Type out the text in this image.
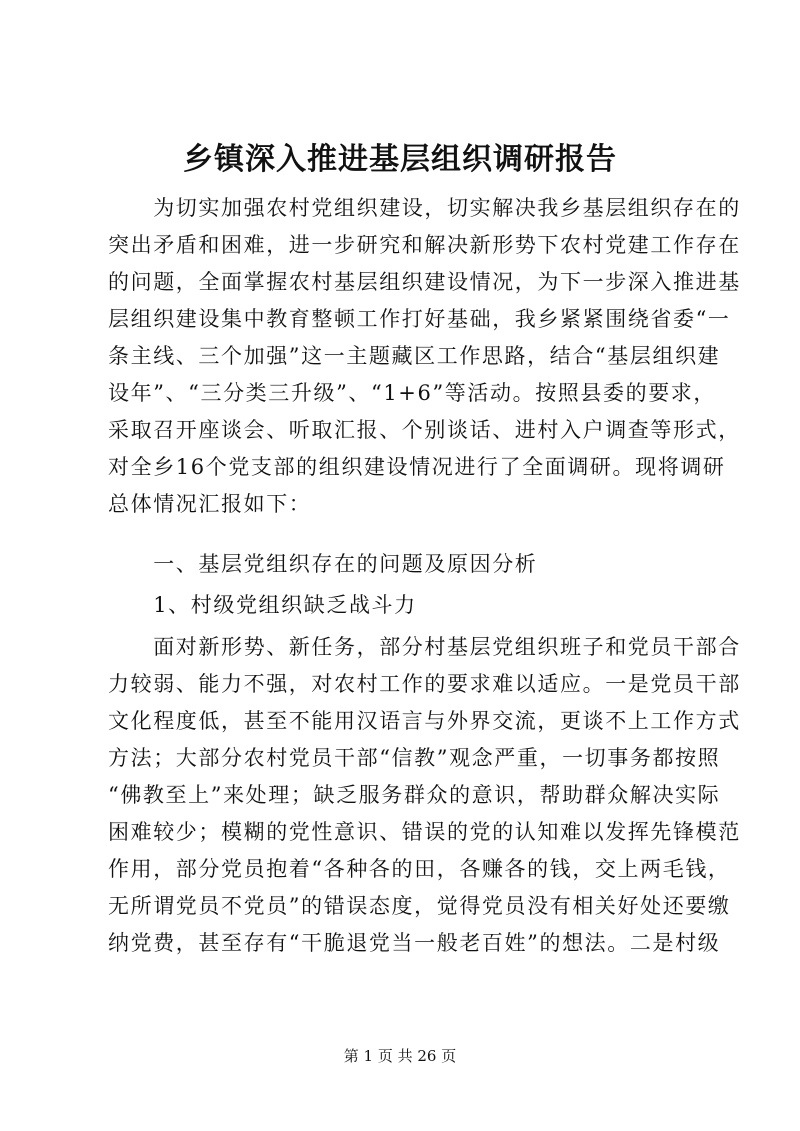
乡镇深入推进基层组织调研报告

　　为切实加强农村党组织建设，切实解决我乡基层组织存在的

突出矛盾和困难，进一步研究和解决新形势下农村党建工作存在

的问题，全面掌握农村基层组织建设情况，为下一步深入推进基

层组织建设集中教育整顿工作打好基础，我乡紧紧围绕省委“一

条主线、三个加强”这一主题藏区工作思路，结合“基层组织建

设年”、“三分类三升级”、“1+6”等活动。按照县委的要求，

采取召开座谈会、听取汇报、个别谈话、进村入户调查等形式，

对全乡16个党支部的组织建设情况进行了全面调研。现将调研

总体情况汇报如下：

　　一、基层党组织存在的问题及原因分析

　　1、村级党组织缺乏战斗力

　　面对新形势、新任务，部分村基层党组织班子和党员干部合

力较弱、能力不强，对农村工作的要求难以适应。一是党员干部

文化程度低，甚至不能用汉语言与外界交流，更谈不上工作方式

方法；大部分农村党员干部“信教”观念严重，一切事务都按照

“佛教至上”来处理；缺乏服务群众的意识，帮助群众解决实际

困难较少；模糊的党性意识、错误的党的认知难以发挥先锋模范

作用，部分党员抱着“各种各的田，各赚各的钱，交上两毛钱，

无所谓党员不党员”的错误态度，觉得党员没有相关好处还要缴

纳党费，甚至存有“干脆退党当一般老百姓”的想法。二是村级

第 1 页 共 26 页
